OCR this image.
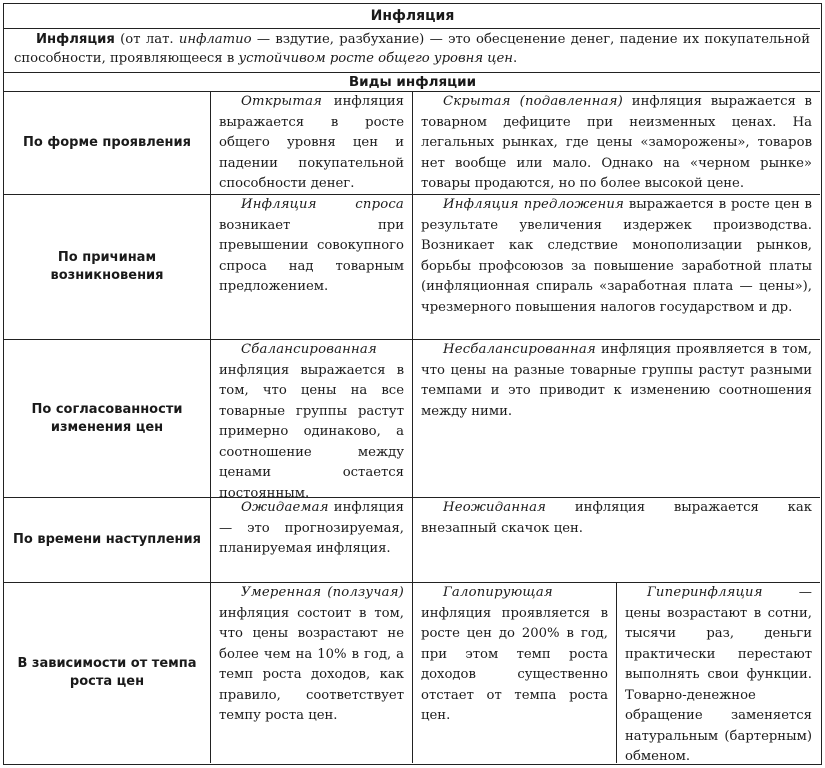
Инфляция
Инфляция (от лат. инфлатио — вздутие, разбухание) — это обесценение денег, падение их покупательной способности, проявляющееся в устойчивом росте общего уровня цен.
Виды инфляции
По форме проявления
Открытая инфляция выражается в росте общего уровня цен и падении покупательной способности денег.
Скрытая (подавленная) инфляция выражается в товарном дефиците при неизменных ценах. На легальных рынках, где цены «заморожены», товаров нет вообще или мало. Однако на «черном рынке» товары продаются, но по более высокой цене.
По причинам возникновения
Инфляция спроса возникает при превышении совокупного спроса над товарным предложением.
Инфляция предложения выражается в росте цен в результате увеличения издержек производства. Возникает как следствие монополизации рынков, борьбы профсоюзов за повышение заработной платы (инфляционная спираль «заработная плата — цены»), чрезмерного повышения налогов государством и др.
По согласованности изменения цен
Сбалансированная инфляция выражается в том, что цены на все товарные группы растут примерно одинаково, а соотношение между ценами остается постоянным.
Несбалансированная инфляция проявляется в том, что цены на разные товарные группы растут разными темпами и это приводит к изменению соотношения между ними.
По времени наступления
Ожидаемая инфляция — это прогнозируемая, планируемая инфляция.
Неожиданная инфляция выражается как внезапный скачок цен.
В зависимости от темпа роста цен
Умеренная (ползучая) инфляция состоит в том, что цены возрастают не более чем на 10% в год, а темп роста доходов, как правило, соответствует темпу роста цен.
Галопирующая инфляция проявляется в росте цен до 200% в год, при этом темп роста доходов существенно отстает от темпа роста цен.
Гиперинфляция — цены возрастают в сотни, тысячи раз, деньги практически перестают выполнять свои функции. Товарно-денежное обращение заменяется натуральным (бартерным) обменом.
